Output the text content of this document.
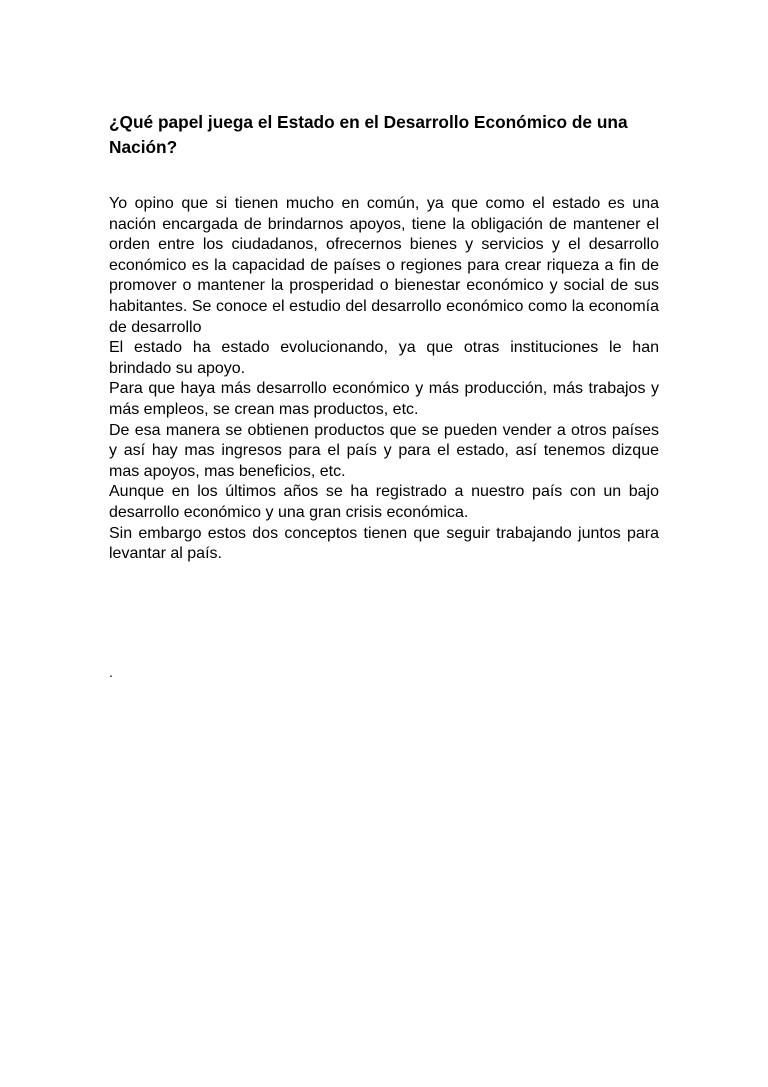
¿Qué papel juega el Estado en el Desarrollo Económico de una Nación?

Yo opino que si tienen mucho en común, ya que como el estado es una nación encargada de brindarnos apoyos, tiene la obligación de mantener el orden entre los ciudadanos, ofrecernos bienes y servicios y el desarrollo económico es la capacidad de países o regiones para crear riqueza a fin de promover o mantener la prosperidad o bienestar económico y social de sus habitantes. Se conoce el estudio del desarrollo económico como la economía de desarrollo

El estado ha estado evolucionando, ya que otras instituciones le han brindado su apoyo.

Para que haya más desarrollo económico y más producción, más trabajos y más empleos, se crean mas productos, etc.

De esa manera se obtienen productos que se pueden vender a otros países y así hay mas ingresos para el país y para el estado, así tenemos dizque mas apoyos, mas beneficios, etc.

Aunque en los últimos años se ha registrado a nuestro país con un bajo desarrollo económico y una gran crisis económica.

Sin embargo estos dos conceptos tienen que seguir trabajando juntos para levantar al país.

.
